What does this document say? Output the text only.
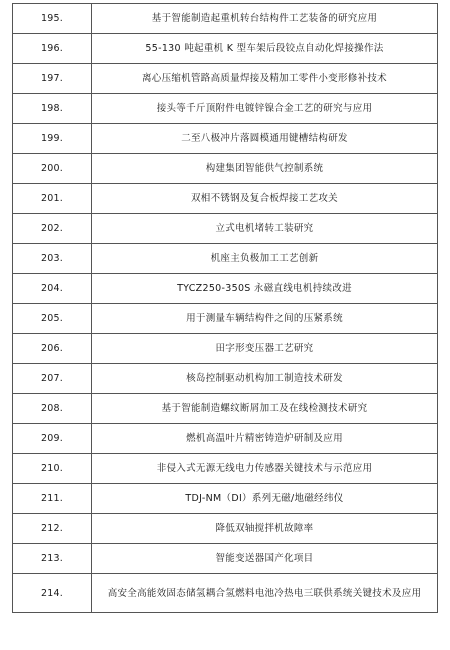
195.	基于智能制造起重机转台结构件工艺装备的研究应用
196.	55-130 吨起重机 K 型车架后段铰点自动化焊接操作法
197.	离心压缩机管路高质量焊接及精加工零件小变形修补技术
198.	接头等千斤顶附件电镀锌镍合金工艺的研究与应用
199.	二至八极冲片落圆模通用键槽结构研发
200.	构建集团智能供气控制系统
201.	双相不锈钢及复合板焊接工艺攻关
202.	立式电机堵转工装研究
203.	机座主负极加工工艺创新
204.	TYCZ250-350S 永磁直线电机持续改进
205.	用于测量车辆结构件之间的压紧系统
206.	田字形变压器工艺研究
207.	核岛控制驱动机构加工制造技术研发
208.	基于智能制造螺纹断屑加工及在线检测技术研究
209.	燃机高温叶片精密铸造炉研制及应用
210.	非侵入式无源无线电力传感器关键技术与示范应用
211.	TDJ-NM（DI）系列无磁/地磁经纬仪
212.	降低双轴搅拌机故障率
213.	智能变送器国产化项目
214.	高安全高能效固态储氢耦合氢燃料电池冷热电三联供系统关键技术及应用
